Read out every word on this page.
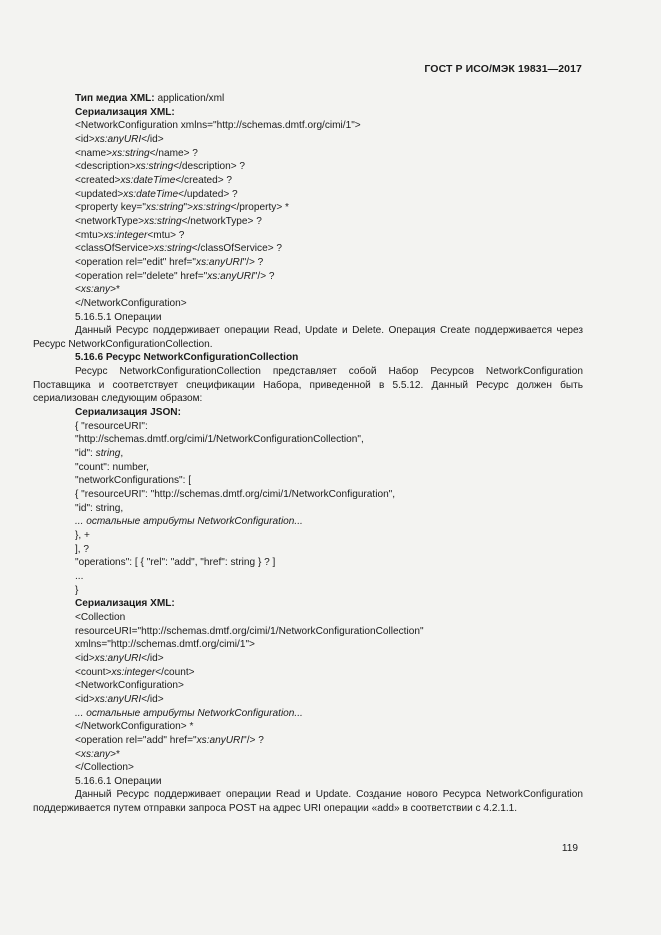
ГОСТ Р ИСО/МЭК 19831—2017
Тип медиа XML: application/xml
Сериализация XML:
<NetworkConfiguration xmlns="http://schemas.dmtf.org/cimi/1">
<id>xs:anyURI</id>
<name>xs:string</name> ?
<description>xs:string</description> ?
<created>xs:dateTime</created> ?
<updated>xs:dateTime</updated> ?
<property key="xs:string">xs:string</property> *
<networkType>xs:string</networkType> ?
<mtu>xs:integer<mtu> ?
<classOfService>xs:string</classOfService> ?
<operation rel="edit" href="xs:anyURI"/> ?
<operation rel="delete" href="xs:anyURI"/> ?
<xs:any>*
</NetworkConfiguration>
5.16.5.1 Операции
Данный Ресурс поддерживает операции Read, Update и Delete. Операция Create поддерживается через Ресурс NetworkConfigurationCollection.
5.16.6 Ресурс NetworkConfigurationCollection
Ресурс NetworkConfigurationCollection представляет собой Набор Ресурсов NetworkConfiguration Поставщика и соответствует спецификации Набора, приведенной в 5.5.12. Данный Ресурс должен быть сериализован следующим образом:
Сериализация JSON:
{ "resourceURI":
"http://schemas.dmtf.org/cimi/1/NetworkConfigurationCollection",
"id": string,
"count": number,
"networkConfigurations": [
{ "resourceURI": "http://schemas.dmtf.org/cimi/1/NetworkConfiguration",
"id": string,
... остальные атрибуты NetworkConfiguration...
}, +
], ?
"operations": [ { "rel": "add", "href": string } ? ]
...
}
Сериализация XML:
<Collection
resourceURI="http://schemas.dmtf.org/cimi/1/NetworkConfigurationCollection"
xmlns="http://schemas.dmtf.org/cimi/1">
<id>xs:anyURI</id>
<count>xs:integer</count>
<NetworkConfiguration>
<id>xs:anyURI</id>
... остальные атрибуты NetworkConfiguration...
</NetworkConfiguration> *
<operation rel="add" href="xs:anyURI"/> ?
<xs:any>*
</Collection>
5.16.6.1 Операции
Данный Ресурс поддерживает операции Read и Update. Создание нового Ресурса NetworkConfiguration поддерживается путем отправки запроса POST на адрес URI операции «add» в соответствии с 4.2.1.1.
119
